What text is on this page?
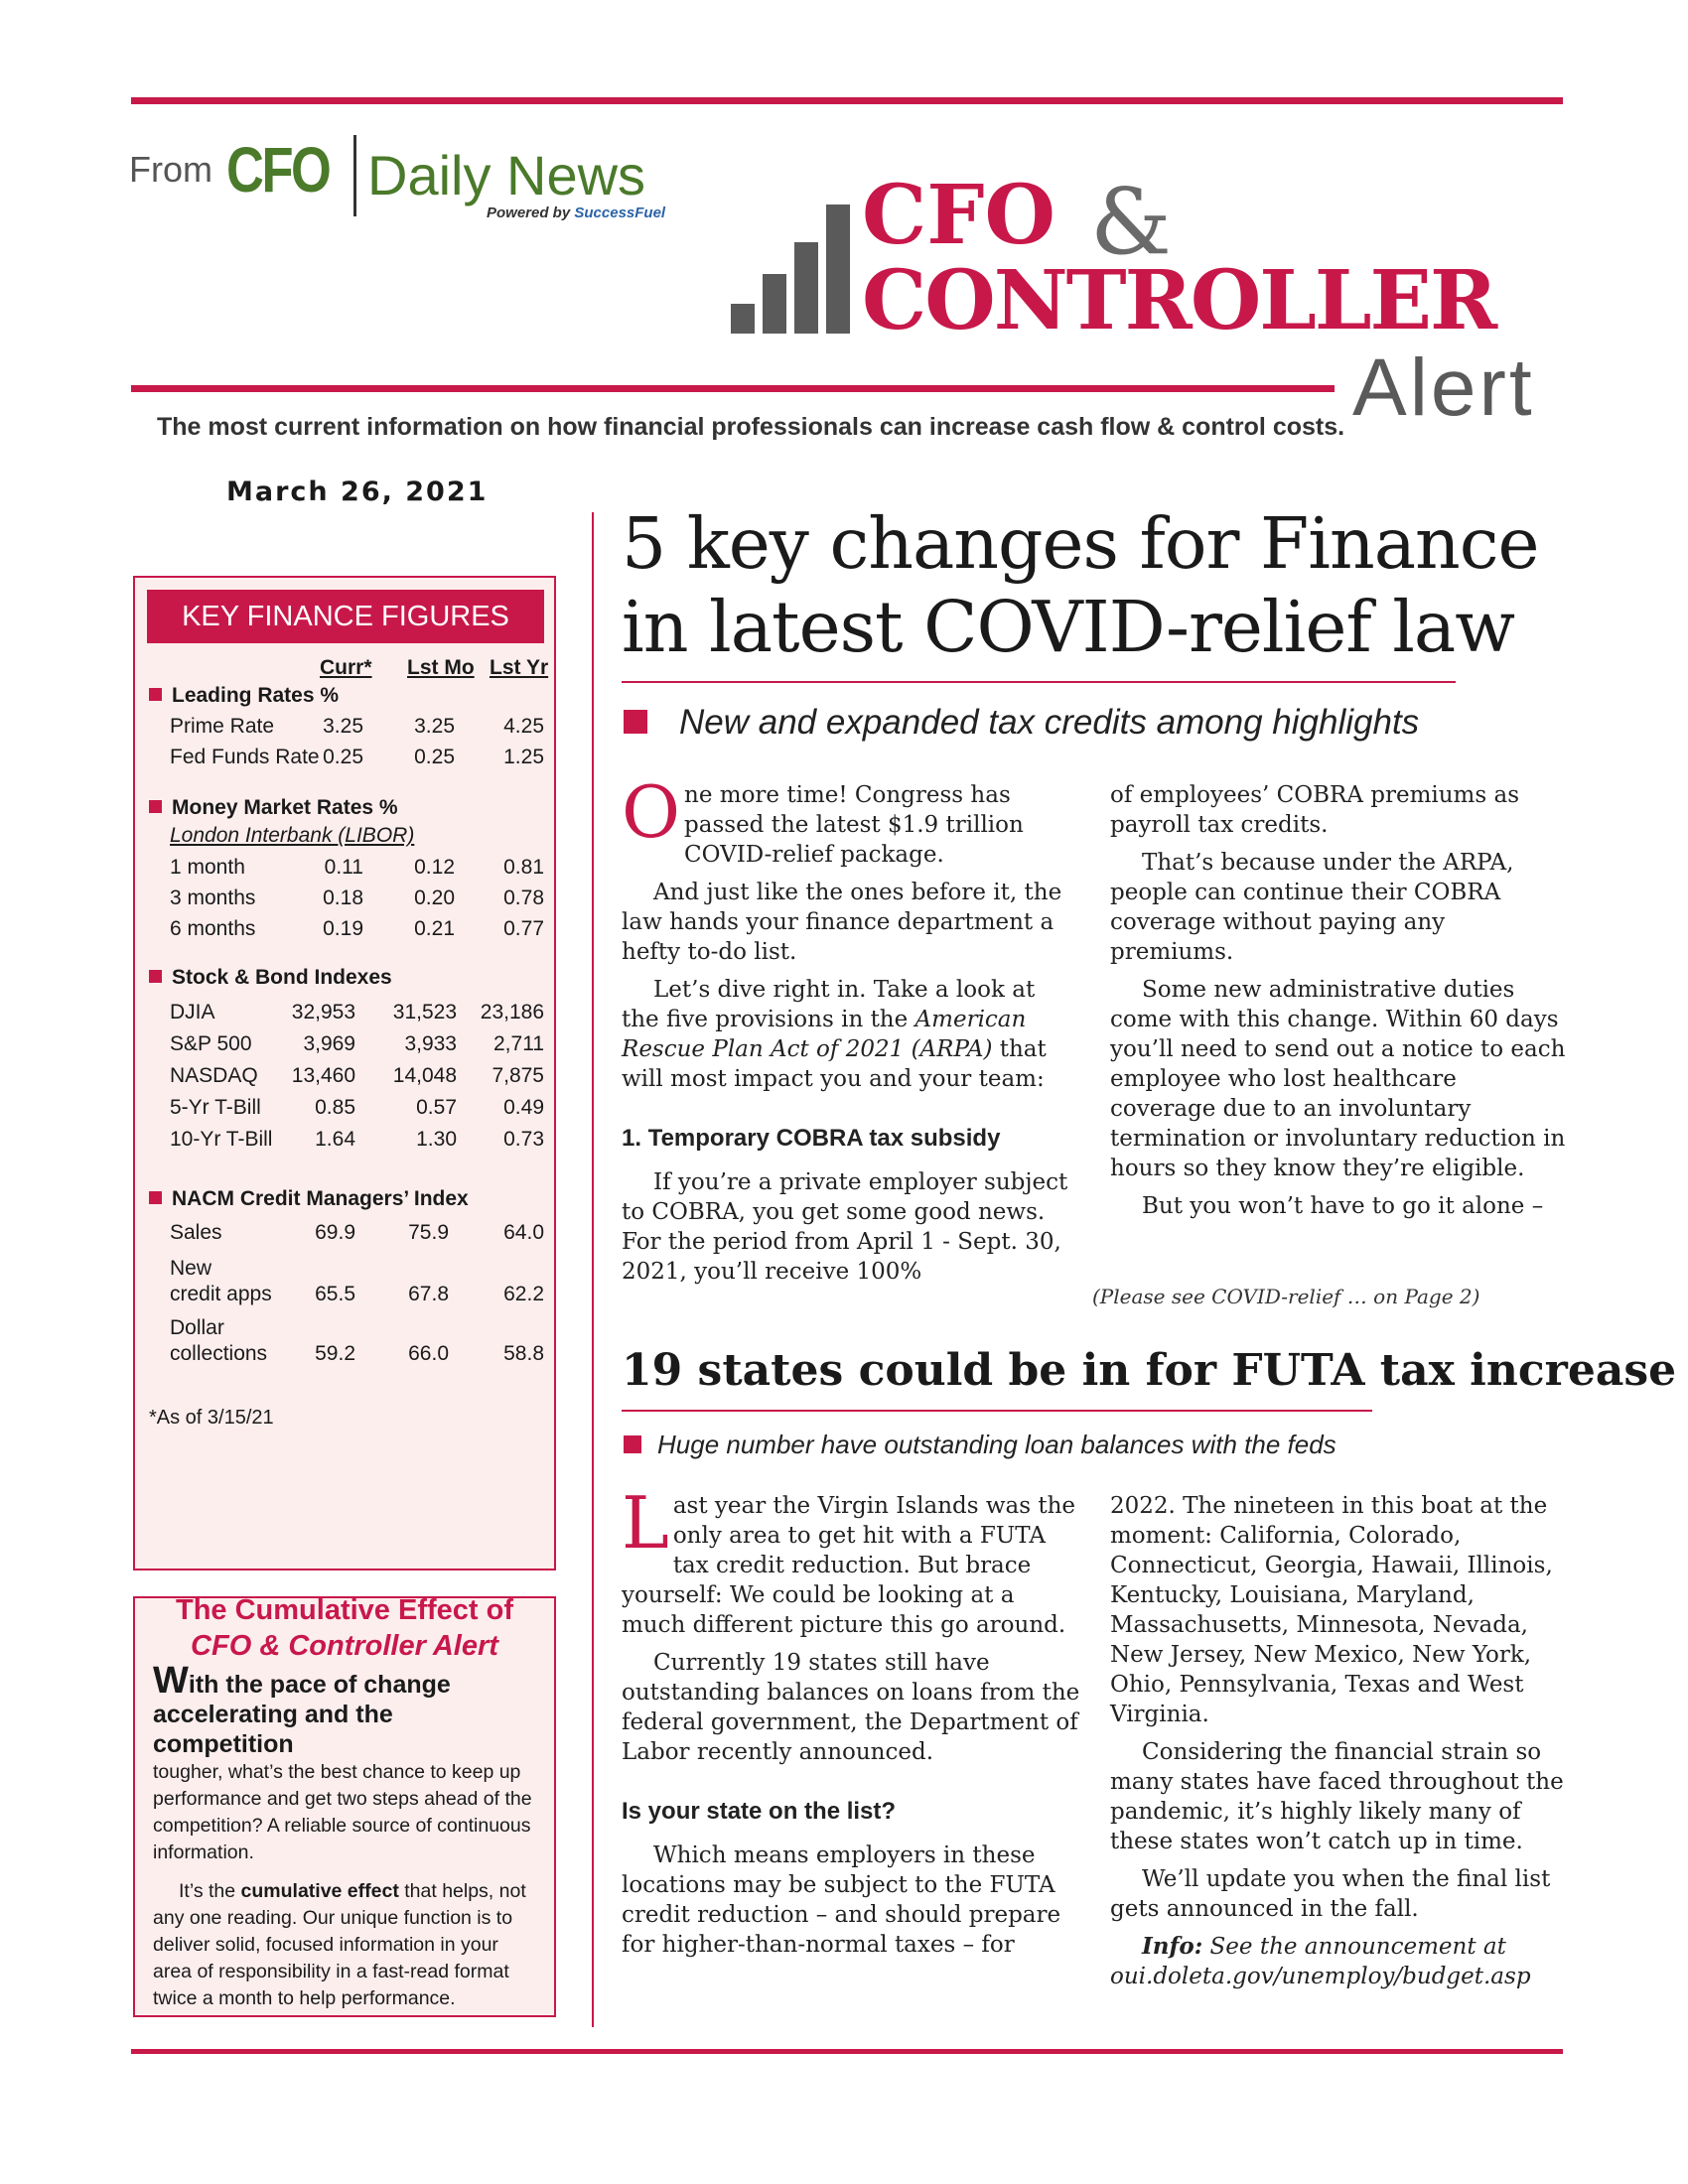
From CFO Daily News
Powered by SuccessFuel CFO &
CONTROLLER
Alert
The most current information on how financial professionals can increase cash flow & control costs.
March 26, 2021
KEY FINANCE FIGURES
Curr* Lst Mo Lst Yr
Leading Rates %
Prime Rate	3.25	3.25	4.25
Fed Funds Rate 0.25	0.25	1.25
Money Market Rates %
London Interbank (LIBOR)
1 month	0.11	0.12	0.81
3 months	0.18	0.20	0.78
6 months	0.19	0.21	0.77
Stock & Bond Indexes
DJIA	32,953	31,523	23,186
S&P 500	3,969	3,933	2,711
NASDAQ	13,460	14,048	7,875
5-Yr T-Bill	0.85	0.57	0.49
10-Yr T-Bill	1.64	1.30	0.73
NACM Credit Managers’ Index
Sales	69.9	75.9	64.0
New
credit apps	65.5	67.8	62.2
Dollar
collections	59.2	66.0	58.8
*As of 3/15/21
The Cumulative Effect of
CFO & Controller Alert
With the pace of change
accelerating and the competition
tougher, what’s the best chance to keep up performance and get two steps ahead of the competition? A reliable source of continuous information.
It’s the cumulative effect that helps, not any one reading. Our unique function is to deliver solid, focused information in your area of responsibility in a fast-read format twice a month to help performance.
5 key changes for Finance
in latest COVID-relief law
New and expanded tax credits among highlights

One more time! Congress has passed the latest $1.9 trillion COVID-relief package.

And just like the ones before it, the law hands your finance department a hefty to-do list.

Let’s dive right in. Take a look at the five provisions in the American Rescue Plan Act of 2021 (ARPA) that will most impact you and your team:

1. Temporary COBRA tax subsidy

If you’re a private employer subject to COBRA, you get some good news. For the period from April 1 - Sept. 30, 2021, you’ll receive 100%

of employees’ COBRA premiums as payroll tax credits.

That’s because under the ARPA, people can continue their COBRA coverage without paying any premiums.

Some new administrative duties come with this change. Within 60 days you’ll need to send out a notice to each employee who lost healthcare coverage due to an involuntary termination or involuntary reduction in hours so they know they’re eligible.

But you won’t have to go it alone –

(Please see COVID-relief … on Page 2)
19 states could be in for FUTA tax increase
Huge number have outstanding loan balances with the feds

Last year the Virgin Islands was the only area to get hit with a FUTA tax credit reduction. But brace yourself: We could be looking at a much different picture this go around.

Currently 19 states still have outstanding balances on loans from the federal government, the Department of Labor recently announced.

Is your state on the list?

Which means employers in these locations may be subject to the FUTA credit reduction – and should prepare for higher-than-normal taxes – for

2022. The nineteen in this boat at the moment: California, Colorado, Connecticut, Georgia, Hawaii, Illinois, Kentucky, Louisiana, Maryland, Massachusetts, Minnesota, Nevada, New Jersey, New Mexico, New York, Ohio, Pennsylvania, Texas and West Virginia.

Considering the financial strain so many states have faced throughout the pandemic, it’s highly likely many of these states won’t catch up in time.

We’ll update you when the final list gets announced in the fall.

Info: See the announcement at oui.doleta.gov/unemploy/budget.asp
